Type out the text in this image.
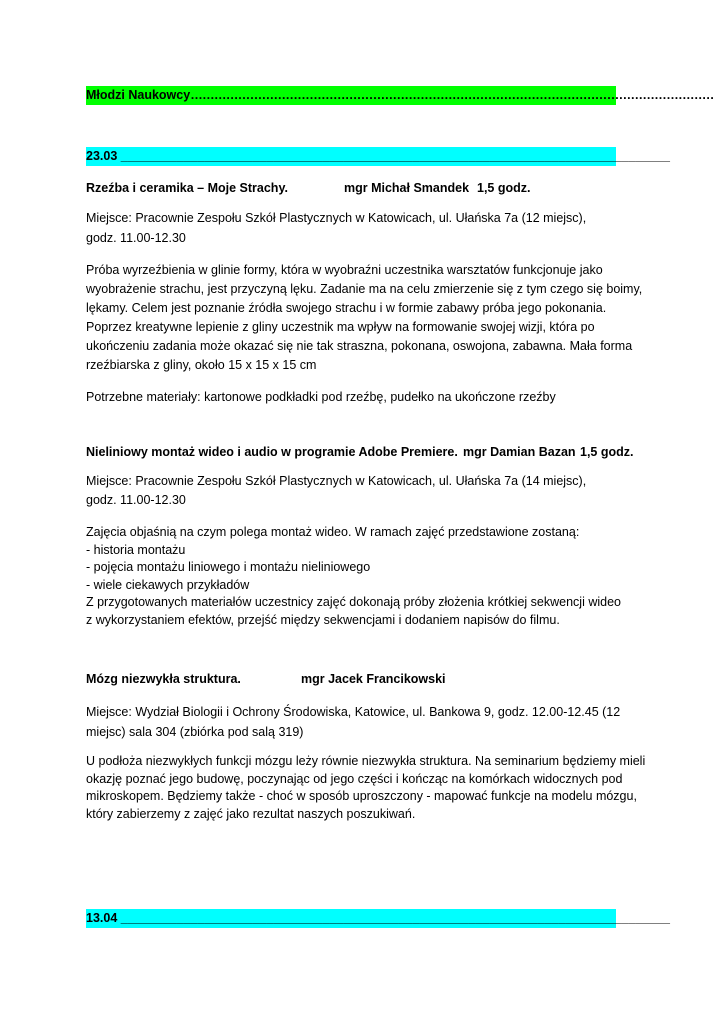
Młodzi Naukowcy……………………………………………………………………………………………………………………
23.03 _______________________________________________________________________________
Rzeźba i ceramika – Moje Strachy.	mgr Michał Smandek 1,5 godz.
Miejsce: Pracownie Zespołu Szkół Plastycznych w Katowicach, ul. Ułańska 7a (12 miejsc),
godz. 11.00-12.30
Próba wyrzeźbienia w glinie formy, która w wyobraźni uczestnika warsztatów funkcjonuje jako
wyobrażenie strachu, jest przyczyną lęku. Zadanie ma na celu zmierzenie się z tym czego się boimy,
lękamy. Celem jest poznanie źródła swojego strachu i w formie zabawy próba jego pokonania.
Poprzez kreatywne lepienie z gliny uczestnik ma wpływ na formowanie swojej wizji, która po
ukończeniu zadania może okazać się nie tak straszna, pokonana, oswojona, zabawna. Mała forma
rzeźbiarska z gliny, około 15 x 15 x 15 cm
Potrzebne materiały: kartonowe podkładki pod rzeźbę, pudełko na ukończone rzeźby
Nieliniowy montaż wideo i audio w programie Adobe Premiere. mgr Damian Bazan 1,5 godz.
Miejsce: Pracownie Zespołu Szkół Plastycznych w Katowicach, ul. Ułańska 7a (14 miejsc),
godz. 11.00-12.30
Zajęcia objaśnią na czym polega montaż wideo. W ramach zajęć przedstawione zostaną:
- historia montażu
- pojęcia montażu liniowego i montażu nieliniowego
- wiele ciekawych przykładów
Z przygotowanych materiałów uczestnicy zajęć dokonają próby złożenia krótkiej sekwencji wideo
z wykorzystaniem efektów, przejść między sekwencjami i dodaniem napisów do filmu.
Mózg niezwykła struktura.	mgr Jacek Francikowski
Miejsce: Wydział Biologii i Ochrony Środowiska, Katowice, ul. Bankowa 9, godz. 12.00-12.45 (12
miejsc) sala 304 (zbiórka pod salą 319)
U podłoża niezwykłych funkcji mózgu leży równie niezwykła struktura. Na seminarium będziemy mieli
okazję poznać jego budowę, poczynając od jego części i kończąc na komórkach widocznych pod
mikroskopem. Będziemy także - choć w sposób uproszczony - mapować funkcje na modelu mózgu,
który zabierzemy z zajęć jako rezultat naszych poszukiwań.
13.04 _______________________________________________________________________________
